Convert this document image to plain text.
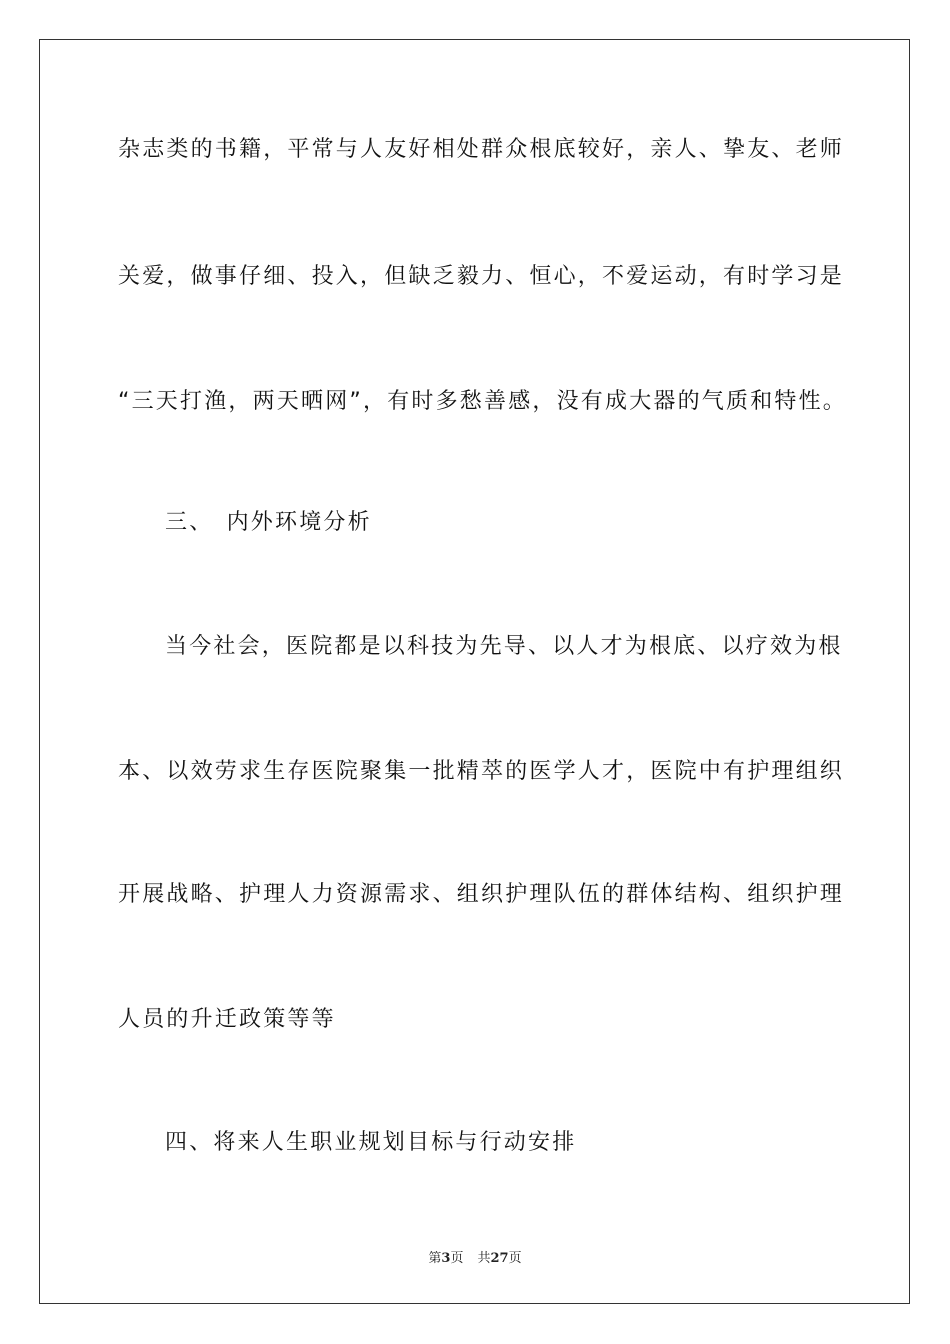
杂志类的书籍，平常与人友好相处群众根底较好，亲人、挚友、老师
关爱，做事仔细、投入，但缺乏毅力、恒心，不爱运动，有时学习是
“三天打渔，两天晒网”，有时多愁善感，没有成大器的气质和特性。
三、　内外环境分析
当今社会，医院都是以科技为先导、以人才为根底、以疗效为根
本、以效劳求生存医院聚集一批精萃的医学人才，医院中有护理组织
开展战略、护理人力资源需求、组织护理队伍的群体结构、组织护理
人员的升迁政策等等
四、将来人生职业规划目标与行动安排
第3页 共27页
